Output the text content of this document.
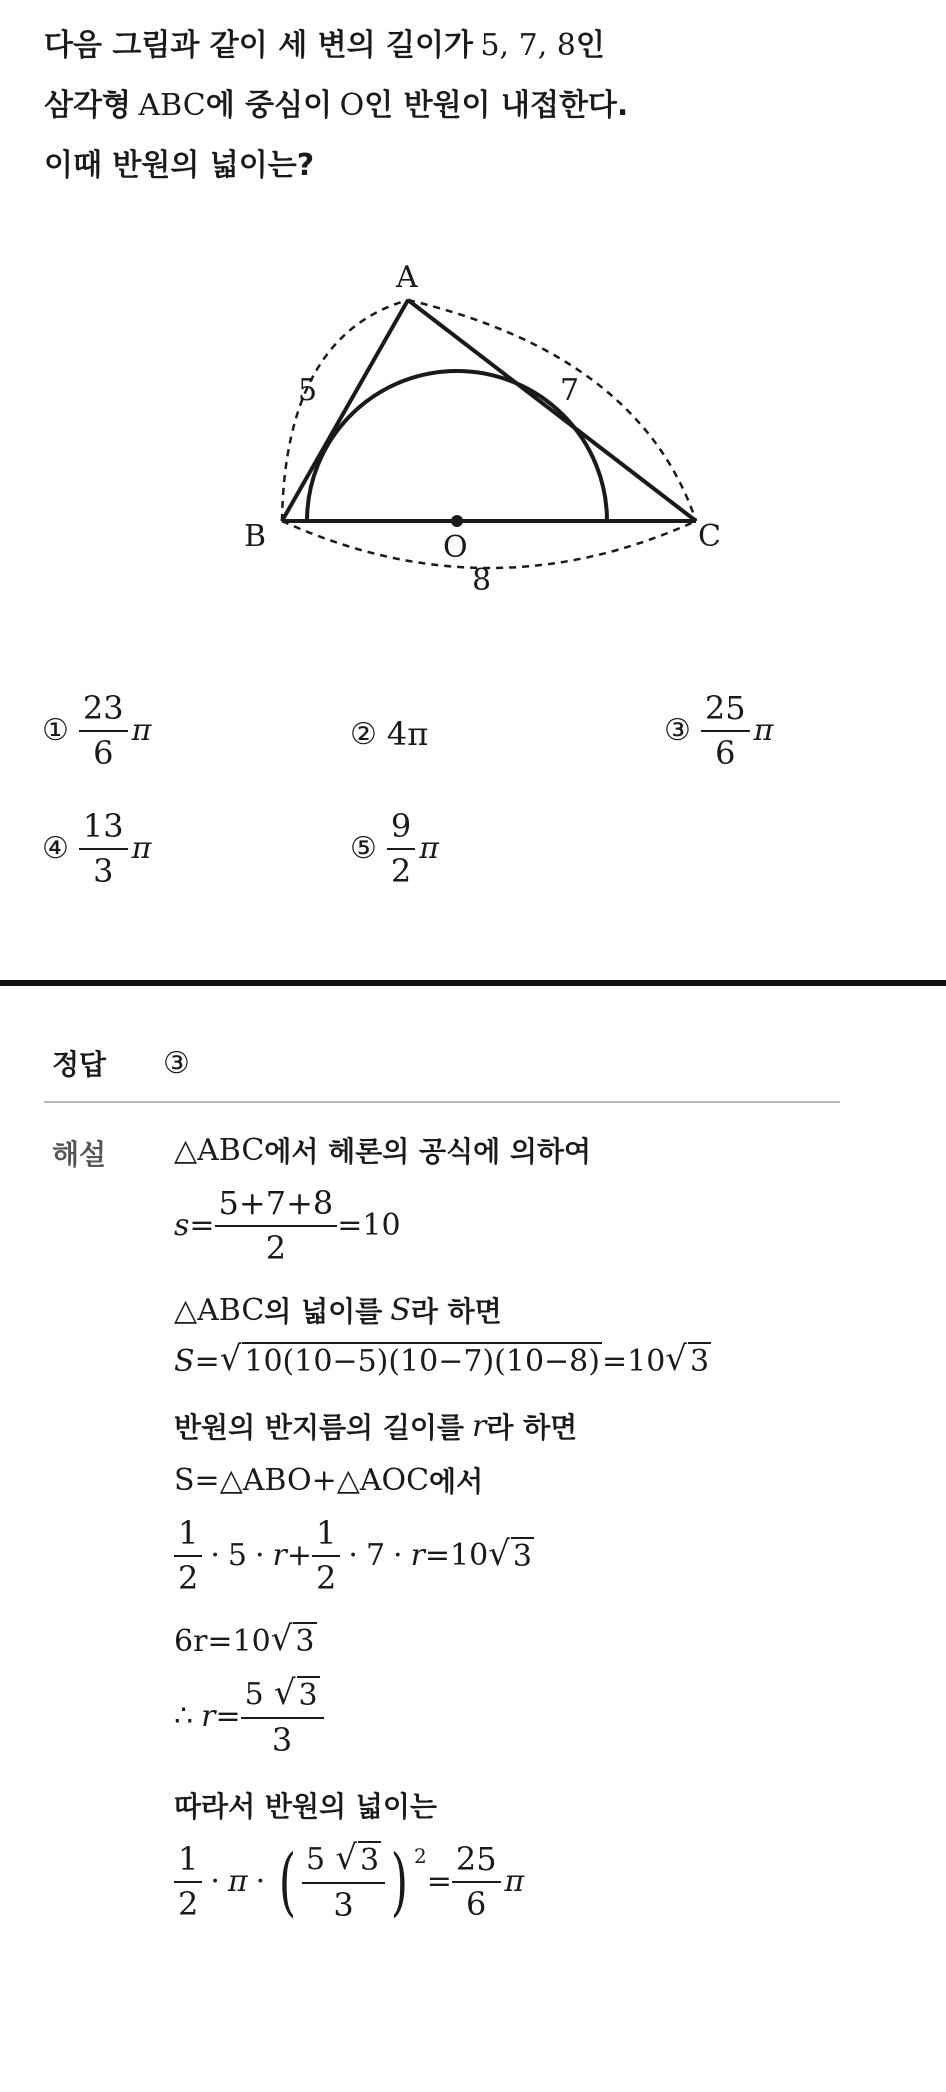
다음 그림과 같이 세 변의 길이가 5, 7, 8인
삼각형 ABC에 중심이 O인 반원이 내접한다.
이때 반원의 넓이는?
A
B	C
O
5	7
8
① $\frac{23}{6}$ π	② 4π	③ $\frac{25}{6}$ π
④ $\frac{13}{3}$ π	⑤ $\frac{9}{2}$ π
정답 ③
해설 △ABC 에서 헤론의 공식에 의하여
$s = \frac{5+7+8}{2} =10$
△ABC 의 넓이를 S 라 하면
S = √ 10(10−5)(10−7)(10−8) =10 √ 3
반원의 반지름의 길이를 r 라 하면
S=△ABO+△AOC 에서
$\frac{1}{2} \cdot 5 \cdot r + \frac{1}{2} \cdot 7 \cdot r =10$ √ 3
6r=10 √ 3
∴ $r = \frac{5 √ 3}{3}$
따라서 반원의 넓이는
$\frac{1}{2} \cdot \pi$ · ( $\frac{5 √ 3}{3}$ ) 2
= $\frac{25}{6}$ π
